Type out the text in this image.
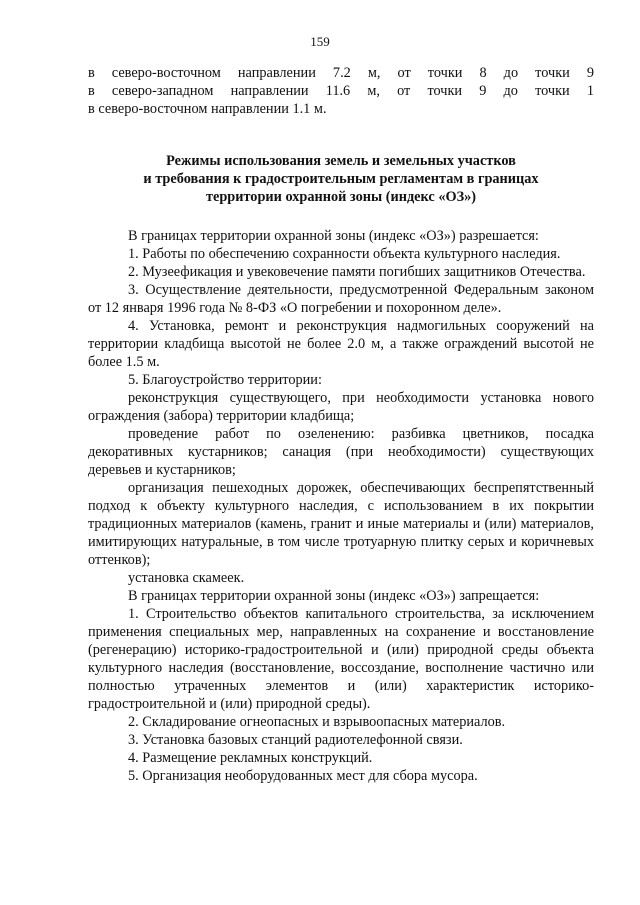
159

в северо-восточном направлении 7.2 м, от точки 8 до точки 9

в северо-западном направлении 11.6 м, от точки 9 до точки 1

в северо-восточном направлении 1.1 м.

Режимы использования земель и земельных участков
и требования к градостроительным регламентам в границах
территории охранной зоны (индекс «ОЗ»)

В границах территории охранной зоны (индекс «ОЗ») разрешается:

1. Работы по обеспечению сохранности объекта культурного наследия.

2. Музеефикация и увековечение памяти погибших защитников Отечества.

3. Осуществление деятельности, предусмотренной Федеральным законом от 12 января 1996 года № 8-ФЗ «О погребении и похоронном деле».

4. Установка, ремонт и реконструкция надмогильных сооружений на территории кладбища высотой не более 2.0 м, а также ограждений высотой не более 1.5 м.

5. Благоустройство территории:

реконструкция существующего, при необходимости установка нового ограждения (забора) территории кладбища;

проведение работ по озеленению: разбивка цветников, посадка декоративных кустарников; санация (при необходимости) существующих деревьев и кустарников;

организация пешеходных дорожек, обеспечивающих беспрепятственный подход к объекту культурного наследия, с использованием в их покрытии традиционных материалов (камень, гранит и иные материалы и (или) материалов, имитирующих натуральные, в том числе тротуарную плитку серых и коричневых оттенков);

установка скамеек.

В границах территории охранной зоны (индекс «ОЗ») запрещается:

1. Строительство объектов капитального строительства, за исключением применения специальных мер, направленных на сохранение и восстановление (регенерацию) историко-градостроительной и (или) природной среды объекта культурного наследия (восстановление, воссоздание, восполнение частично или полностью утраченных элементов и (или) характеристик историко-градостроительной и (или) природной среды).

2. Складирование огнеопасных и взрывоопасных материалов.

3. Установка базовых станций радиотелефонной связи.

4. Размещение рекламных конструкций.

5. Организация необорудованных мест для сбора мусора.
